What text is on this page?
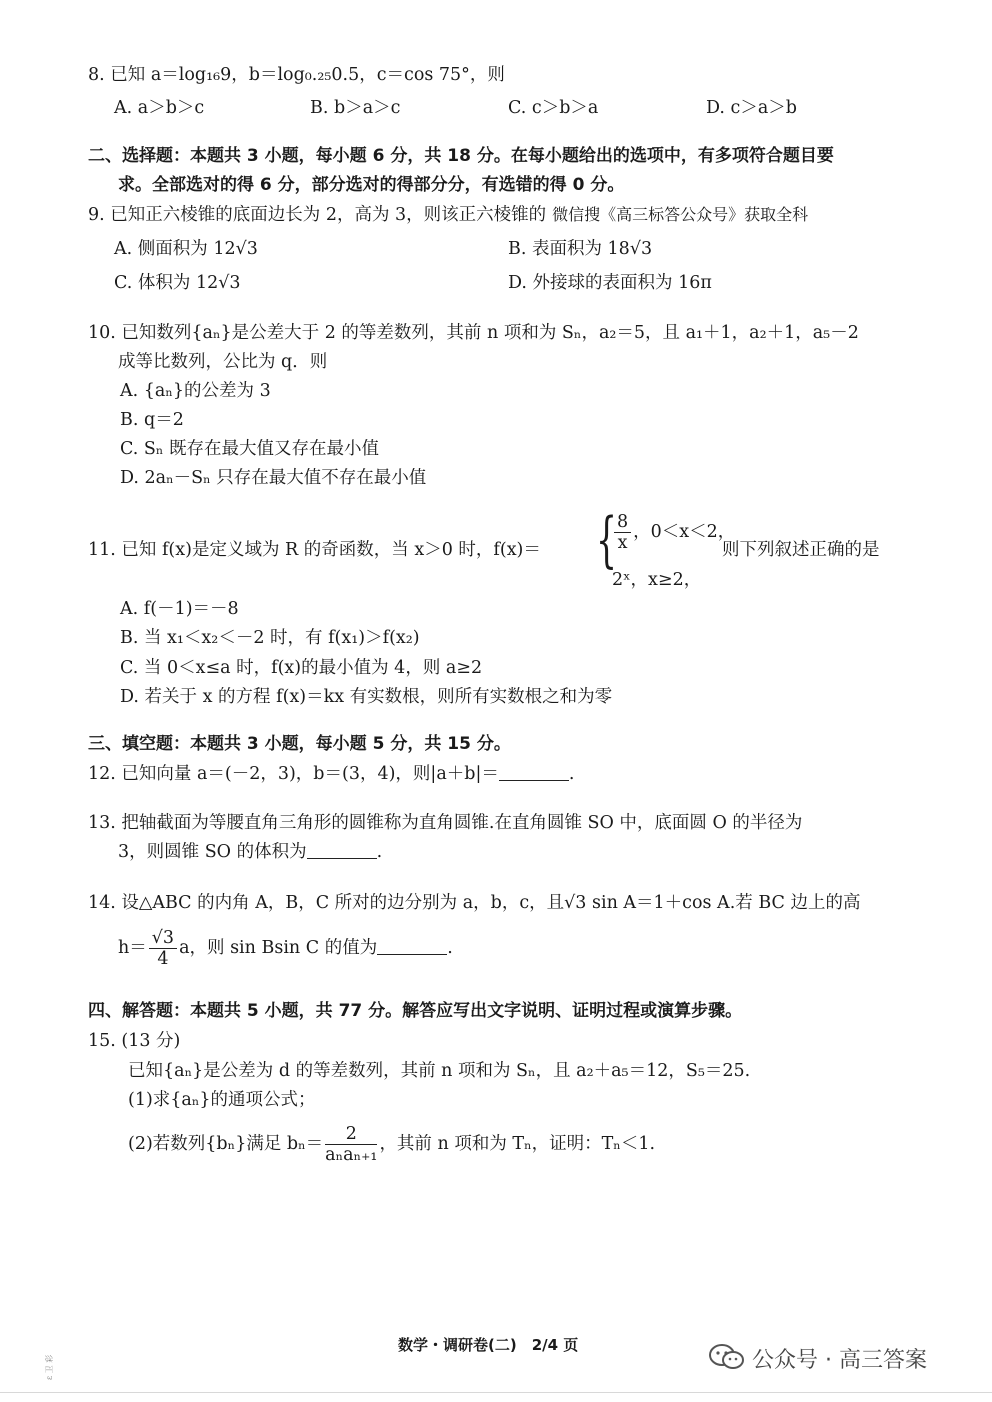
8. 已知 a＝log₁₆9，b＝log₀.₂₅0.5，c＝cos 75°，则
A. a＞b＞c	B. b＞a＞c	C. c＞b＞a	D. c＞a＞b
二、选择题：本题共 3 小题，每小题 6 分，共 18 分。在每小题给出的选项中，有多项符合题目要
求。全部选对的得 6 分，部分选对的得部分分，有选错的得 0 分。
9. 已知正六棱锥的底面边长为 2，高为 3，则该正六棱锥的 微信搜《高三标答公众号》获取全科
A. 侧面积为 12√3	B. 表面积为 18√3
C. 体积为 12√3	D. 外接球的表面积为 16π
10. 已知数列{aₙ}是公差大于 2 的等差数列，其前 n 项和为 Sₙ，a₂＝5，且 a₁＋1，a₂＋1，a₅－2
成等比数列，公比为 q．则
A. {aₙ}的公差为 3
B. q＝2
C. Sₙ 既存在最大值又存在最小值
D. 2aₙ－Sₙ 只存在最大值不存在最小值
11. 已知 f(x)是定义域为 R 的奇函数，当 x＞0 时，f(x)＝ {
$\frac{8}{x}$ ，0＜x＜2，
2ˣ，x≥2，
则下列叙述正确的是
A. f(－1)＝－8
B. 当 x₁＜x₂＜－2 时，有 f(x₁)＞f(x₂)
C. 当 0＜x≤a 时，f(x)的最小值为 4，则 a≥2
D. 若关于 x 的方程 f(x)＝kx 有实数根，则所有实数根之和为零
三、填空题：本题共 3 小题，每小题 5 分，共 15 分。
12. 已知向量 a＝(－2，3)，b＝(3，4)，则|a＋b|＝	.
13. 把轴截面为等腰直角三角形的圆锥称为直角圆锥.在直角圆锥 SO 中，底面圆 O 的半径为
3，则圆锥 SO 的体积为	.
14. 设△ABC 的内角 A，B，C 所对的边分别为 a，b，c，且√3 sin A＝1＋cos A.若 BC 边上的高
$h= \frac{√3}{4}$ a，则 sin Bsin C 的值为	.
四、解答题：本题共 5 小题，共 77 分。解答应写出文字说明、证明过程或演算步骤。
15. (13 分)
已知{aₙ}是公差为 d 的等差数列，其前 n 项和为 Sₙ，且 a₂＋a₅＝12，S₅＝25.
(1)求{aₙ}的通项公式；
(2)若数列{bₙ}满足 $b_n= \frac{2}{\text{aₙaₙ₊₁}}$ ，其前 n 项和为 Tₙ，证明：Tₙ＜1.
数学・调研卷(二)　2/4 页
公众号 · 高三答案
ɛ 卫 彩
